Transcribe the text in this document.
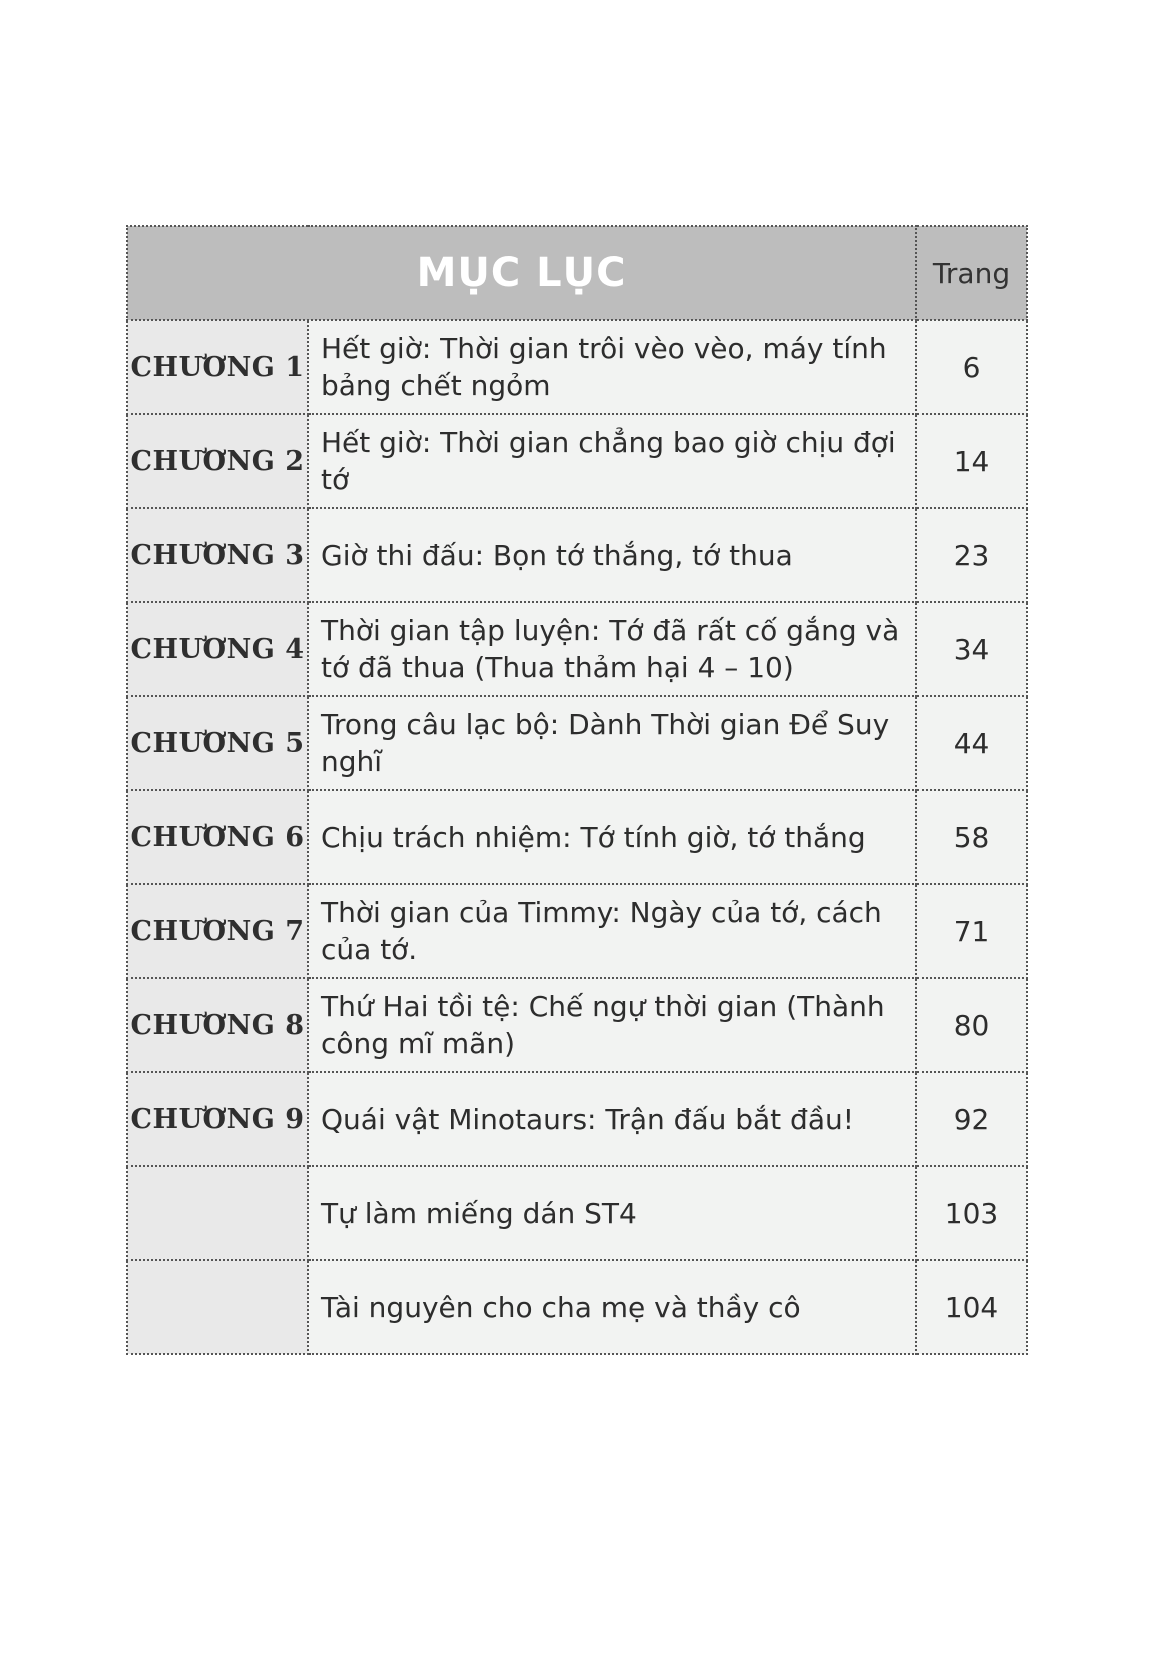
MỤC LỤC		Trang
CHƯƠNG 1	Hết giờ: Thời gian trôi vèo vèo, máy tính bảng chết ngỏm	6
CHƯƠNG 2	Hết giờ: Thời gian chẳng bao giờ chịu đợi tớ	14
CHƯƠNG 3	Giờ thi đấu: Bọn tớ thắng, tớ thua	23
CHƯƠNG 4	Thời gian tập luyện: Tớ đã rất cố gắng và tớ đã thua (Thua thảm hại 4 – 10)	34
CHƯƠNG 5	Trong câu lạc bộ: Dành Thời gian Để Suy nghĩ	44
CHƯƠNG 6	Chịu trách nhiệm: Tớ tính giờ, tớ thắng	58
CHƯƠNG 7	Thời gian của Timmy: Ngày của tớ, cách của tớ.	71
CHƯƠNG 8	Thứ Hai tồi tệ: Chế ngự thời gian (Thành công mĩ mãn)	80
CHƯƠNG 9	Quái vật Minotaurs: Trận đấu bắt đầu!	92
	Tự làm miếng dán ST4	103
	Tài nguyên cho cha mẹ và thầy cô	104
